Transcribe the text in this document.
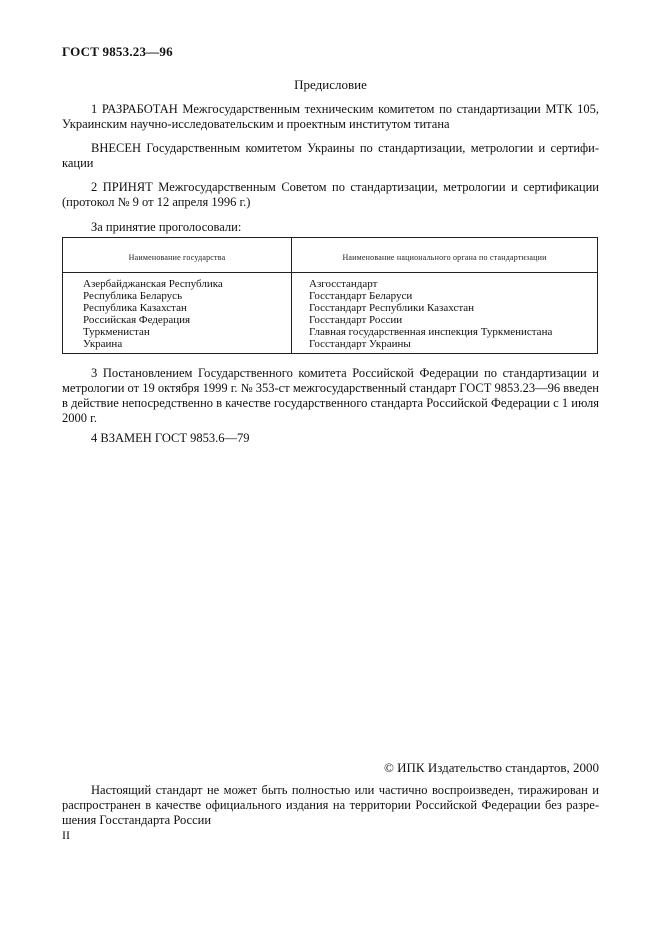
ГОСТ 9853.23—96
Предисловие
1 РАЗРАБОТАН Межгосударственным техническим комитетом по стандартизации МТК 105, Украинским научно-исследовательским и проектным институтом титана
ВНЕСЕН Государственным комитетом Украины по стандартизации, метрологии и сертифи-кации
2 ПРИНЯТ Межгосударственным Советом по стандартизации, метрологии и сертификации (протокол № 9 от 12 апреля 1996 г.)
За принятие проголосовали:
Наименование государства	Наименование национального органа по стандартизации
Азербайджанская Республика
Республика Беларусь
Республика Казахстан
Российская Федерация
Туркменистан
Украина
Азгосстандарт
Госстандарт Беларуси
Госстандарт Республики Казахстан
Госстандарт России
Главная государственная инспекция Туркменистана
Госстандарт Украины
3 Постановлением Государственного комитета Российской Федерации по стандартизации и метрологии от 19 октября 1999 г. № 353-ст межгосударственный стандарт ГОСТ 9853.23—96 введен в действие непосредственно в качестве государственного стандарта Российской Федерации с 1 июля 2000 г.
4 ВЗАМЕН ГОСТ 9853.6—79
© ИПК Издательство стандартов, 2000
Настоящий стандарт не может быть полностью или частично воспроизведен, тиражирован и распространен в качестве официального издания на территории Российской Федерации без разре-шения Госстандарта России
II
